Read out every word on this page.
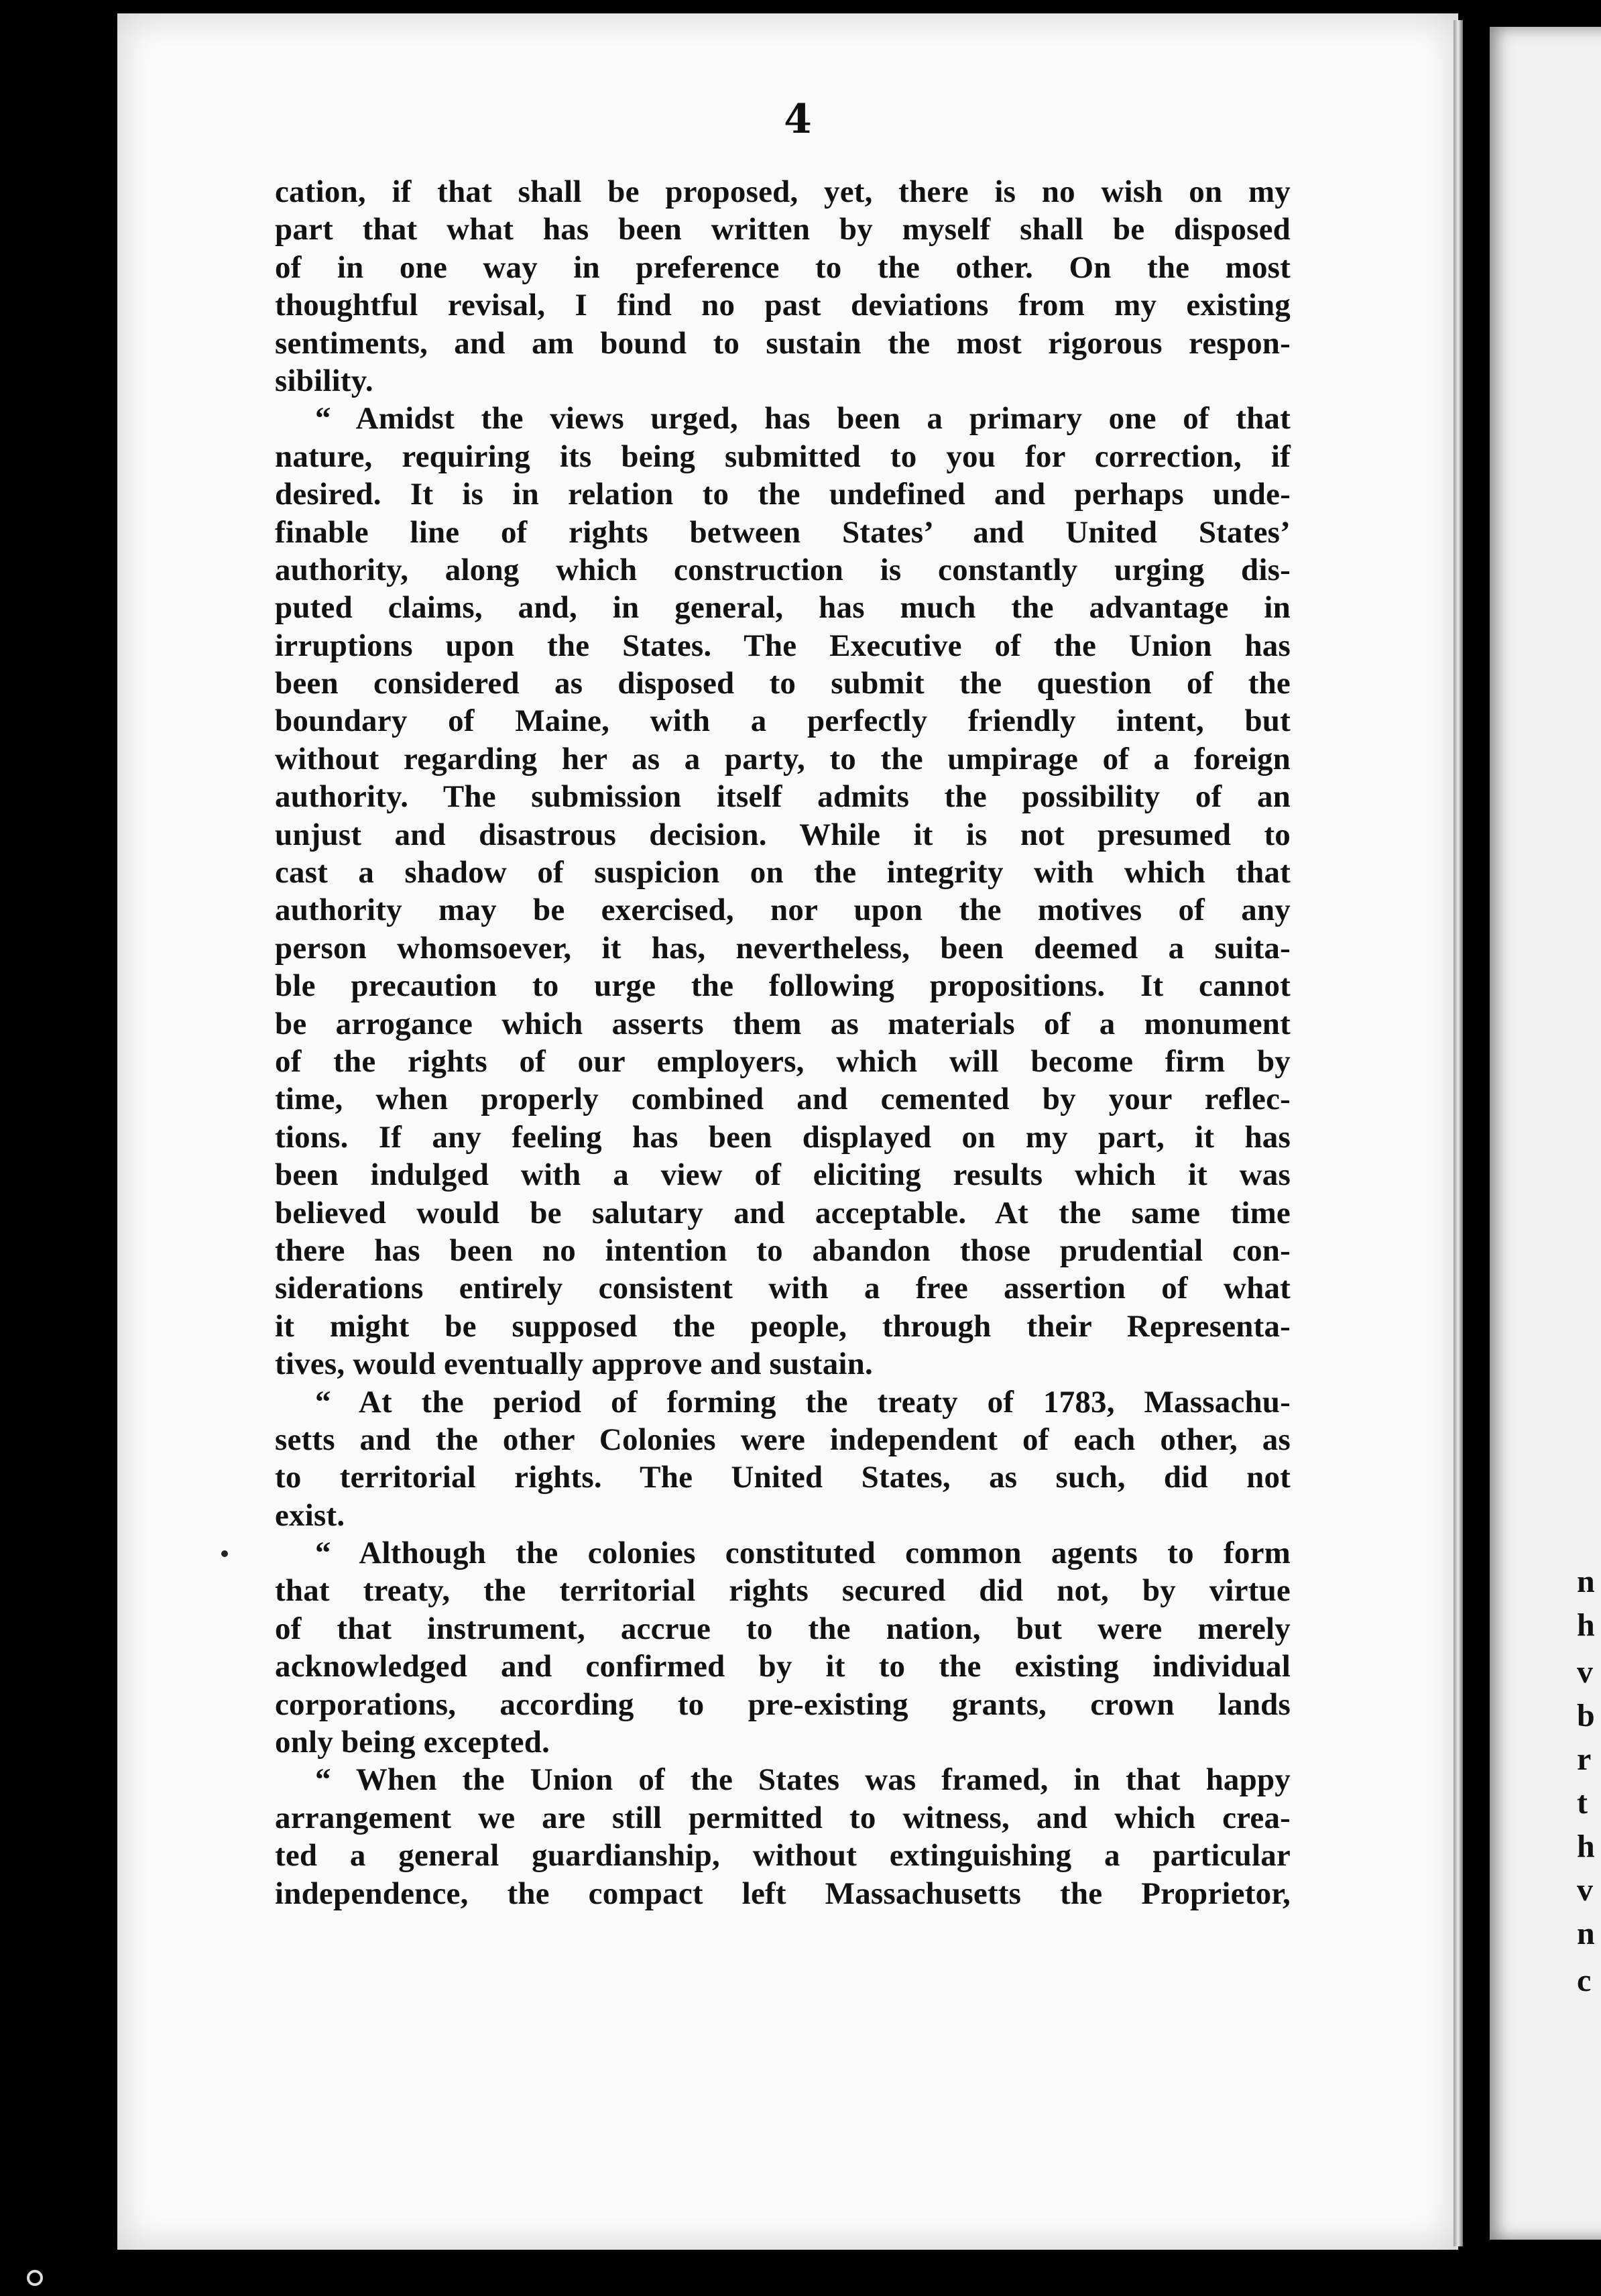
n
h
v
b
r
t
h
v
n
c
4
cation, if that shall be proposed, yet, there is no wish on my
part that what has been written by myself shall be disposed
of in one way in preference to the other. On the most
thoughtful revisal, I find no past deviations from my existing
sentiments, and am bound to sustain the most rigorous respon-
sibility.
“ Amidst the views urged, has been a primary one of that
nature, requiring its being submitted to you for correction, if
desired. It is in relation to the undefined and perhaps unde-
finable line of rights between States’ and United States’
authority, along which construction is constantly urging dis-
puted claims, and, in general, has much the advantage in
irruptions upon the States. The Executive of the Union has
been considered as disposed to submit the question of the
boundary of Maine, with a perfectly friendly intent, but
without regarding her as a party, to the umpirage of a foreign
authority. The submission itself admits the possibility of an
unjust and disastrous decision. While it is not presumed to
cast a shadow of suspicion on the integrity with which that
authority may be exercised, nor upon the motives of any
person whomsoever, it has, nevertheless, been deemed a suita-
ble precaution to urge the following propositions. It cannot
be arrogance which asserts them as materials of a monument
of the rights of our employers, which will become firm by
time, when properly combined and cemented by your reflec-
tions. If any feeling has been displayed on my part, it has
been indulged with a view of eliciting results which it was
believed would be salutary and acceptable. At the same time
there has been no intention to abandon those prudential con-
siderations entirely consistent with a free assertion of what
it might be supposed the people, through their Representa-
tives, would eventually approve and sustain.
“ At the period of forming the treaty of 1783, Massachu-
setts and the other Colonies were independent of each other, as
to territorial rights. The United States, as such, did not
exist.
“ Although the colonies constituted common agents to form
that treaty, the territorial rights secured did not, by virtue
of that instrument, accrue to the nation, but were merely
acknowledged and confirmed by it to the existing individual
corporations, according to pre-existing grants, crown lands
only being excepted.
“ When the Union of the States was framed, in that happy
arrangement we are still permitted to witness, and which crea-
ted a general guardianship, without extinguishing a particular
independence, the compact left Massachusetts the Proprietor,
